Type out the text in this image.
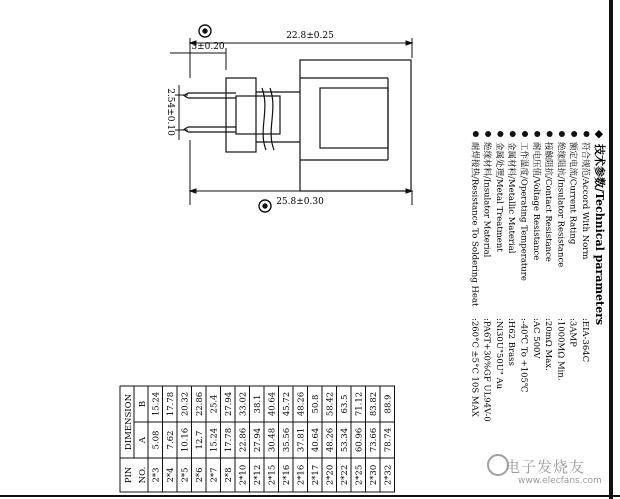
22.8±0.25
3±0.20
25.8±0.30
2.54±0.10
PIN NO.
DIMENSION A
B
2*3
5.08
15.24
2*4
7.62
17.78
2*5
10.16
20.32
2*6
12.7
22.86
2*7
15.24
25.4
2*8
17.78
27.94
2*10
22.86
33.02
2*12
27.94
38.1
2*15
30.48
40.64
2*16
35.56
45.72
2*16
37.81
48.26
2*17
40.64
50.8
2*20
48.26
58.42
2*22
53.34
63.5
2*25
60.96
71.12
2*30
73.66
83.82
2*32
78.74
88.9
◆
技术参数/Technical parameters
符合规范/Accord With Norm
:EIA-364C
额定电流/Current Rating
:3AMP
绝缘阻抗/Insulator Resistance
:1000MΩ Min.
接触阻抗/Contact Resistance
:20mΩ Max.
耐电压值/Voltage Resistance
:AC 500V
工作温度/Operating Temperature
:-40℃ To +105℃
金属材料/Metallic Material
:H62 Brass
金属处理/Metal Treatment
:Ni30U"50U" Au
绝缘材料/Insulator Material
:PA6T+30%GF UL94V-0
耐焊接热/Resistance To Soldering Heat
:260°C ±5°C 10S MAX
电子发烧友
www.elecfans.com
